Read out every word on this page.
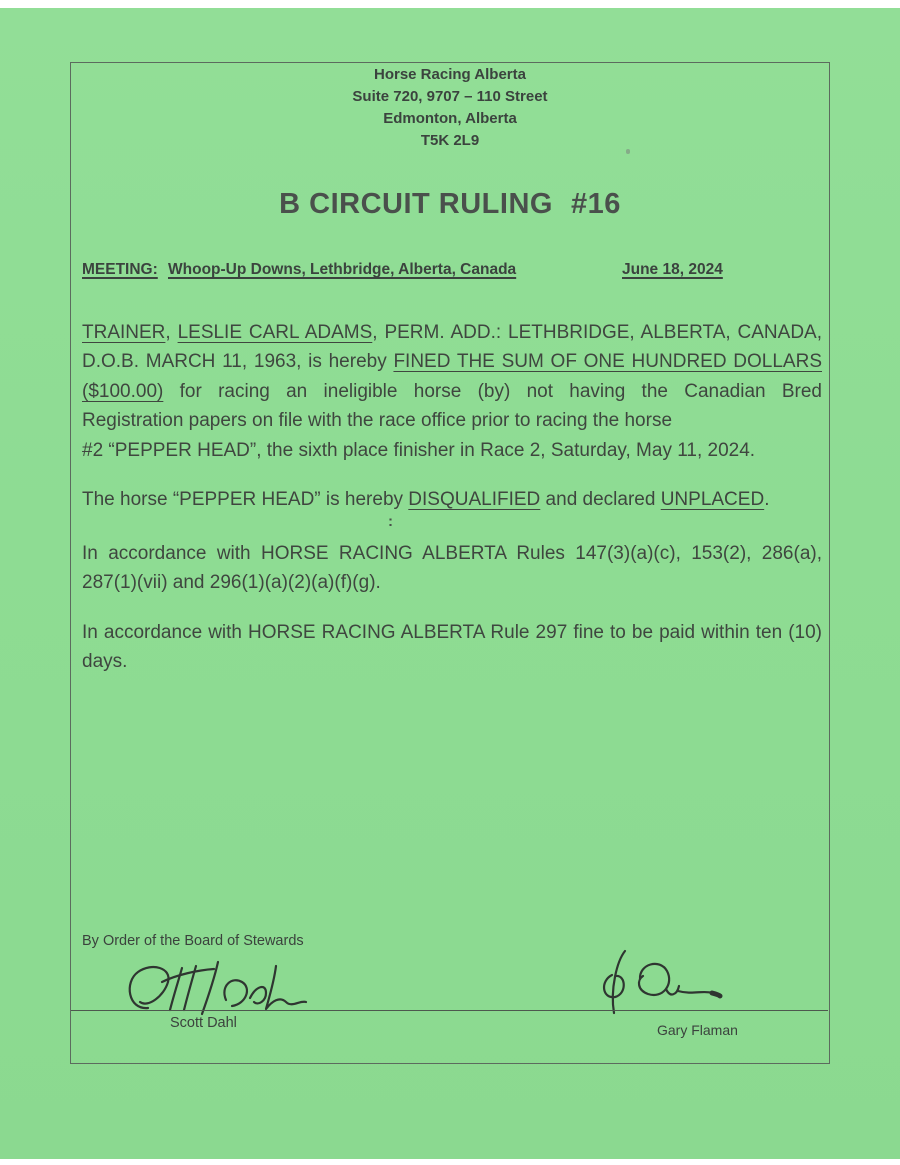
Horse Racing Alberta
Suite 720, 9707 – 110 Street
Edmonton, Alberta
T5K 2L9
B CIRCUIT RULING #16
MEETING: Whoop-Up Downs, Lethbridge, Alberta, Canada	June 18, 2024
TRAINER, LESLIE CARL ADAMS, PERM. ADD.: LETHBRIDGE, ALBERTA, CANADA,
D.O.B. MARCH 11, 1963, is hereby FINED THE SUM OF ONE HUNDRED DOLLARS
($100.00) for racing an ineligible horse (by) not having the Canadian Bred
Registration papers on file with the race office prior to racing the horse
#2 “PEPPER HEAD”, the sixth place finisher in Race 2, Saturday, May 11, 2024.
The horse “PEPPER HEAD” is hereby DISQUALIFIED and declared UNPLACED.
:
In accordance with HORSE RACING ALBERTA Rules 147(3)(a)(c), 153(2), 286(a),
287(1)(vii) and 296(1)(a)(2)(a)(f)(g).
In accordance with HORSE RACING ALBERTA Rule 297 fine to be paid within ten (10)
days.
By Order of the Board of Stewards
Scott Dahl	Gary Flaman
